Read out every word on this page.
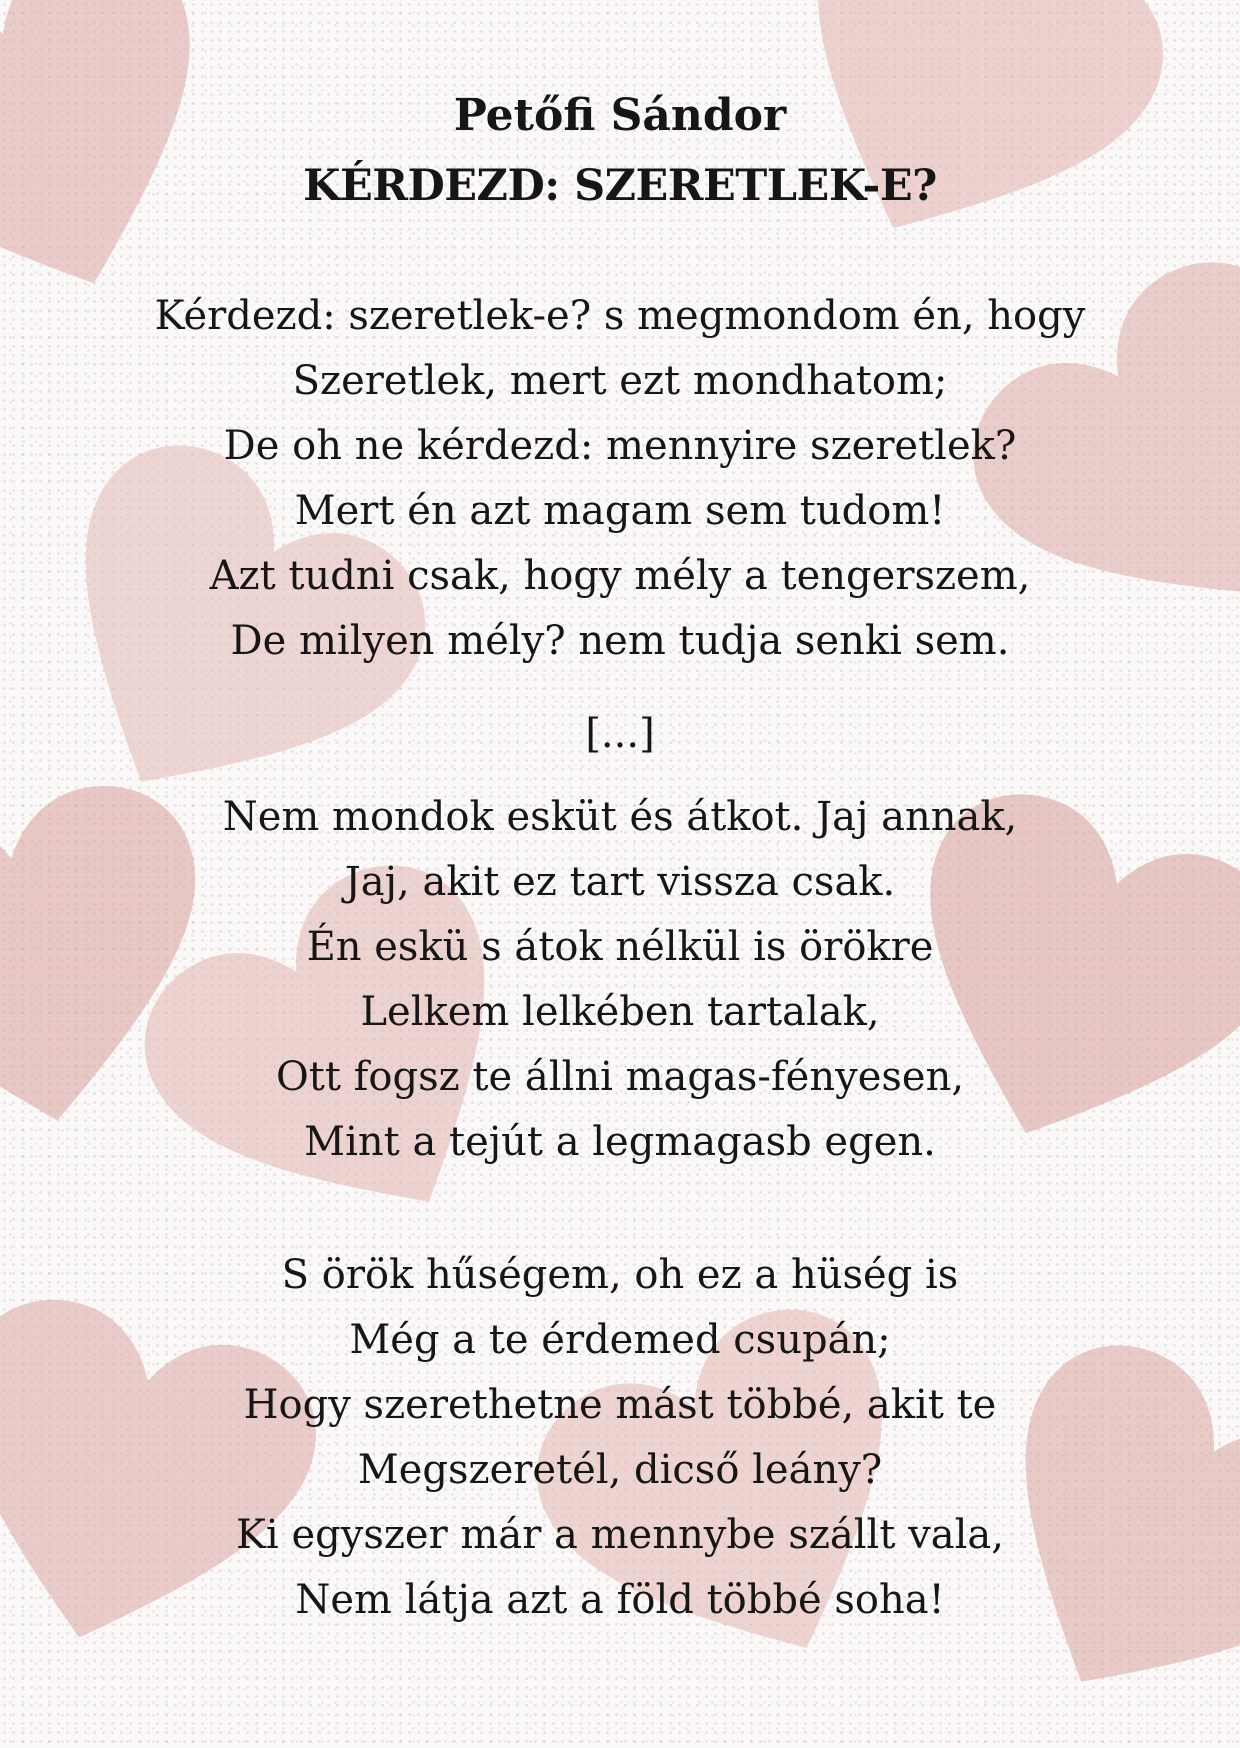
Petőfi Sándor
KÉRDEZD: SZERETLEK-E?
Kérdezd: szeretlek-e? s megmondom én, hogy
Szeretlek, mert ezt mondhatom;
De oh ne kérdezd: mennyire szeretlek?
Mert én azt magam sem tudom!
Azt tudni csak, hogy mély a tengerszem,
De milyen mély? nem tudja senki sem.
[...]
Nem mondok esküt és átkot. Jaj annak,
Jaj, akit ez tart vissza csak.
Én eskü s átok nélkül is örökre
Lelkem lelkében tartalak,
Ott fogsz te állni magas-fényesen,
Mint a tejút a legmagasb egen.
S örök hűségem, oh ez a hüség is
Még a te érdemed csupán;
Hogy szerethetne mást többé, akit te
Megszeretél, dicső leány?
Ki egyszer már a mennybe szállt vala,
Nem látja azt a föld többé soha!
